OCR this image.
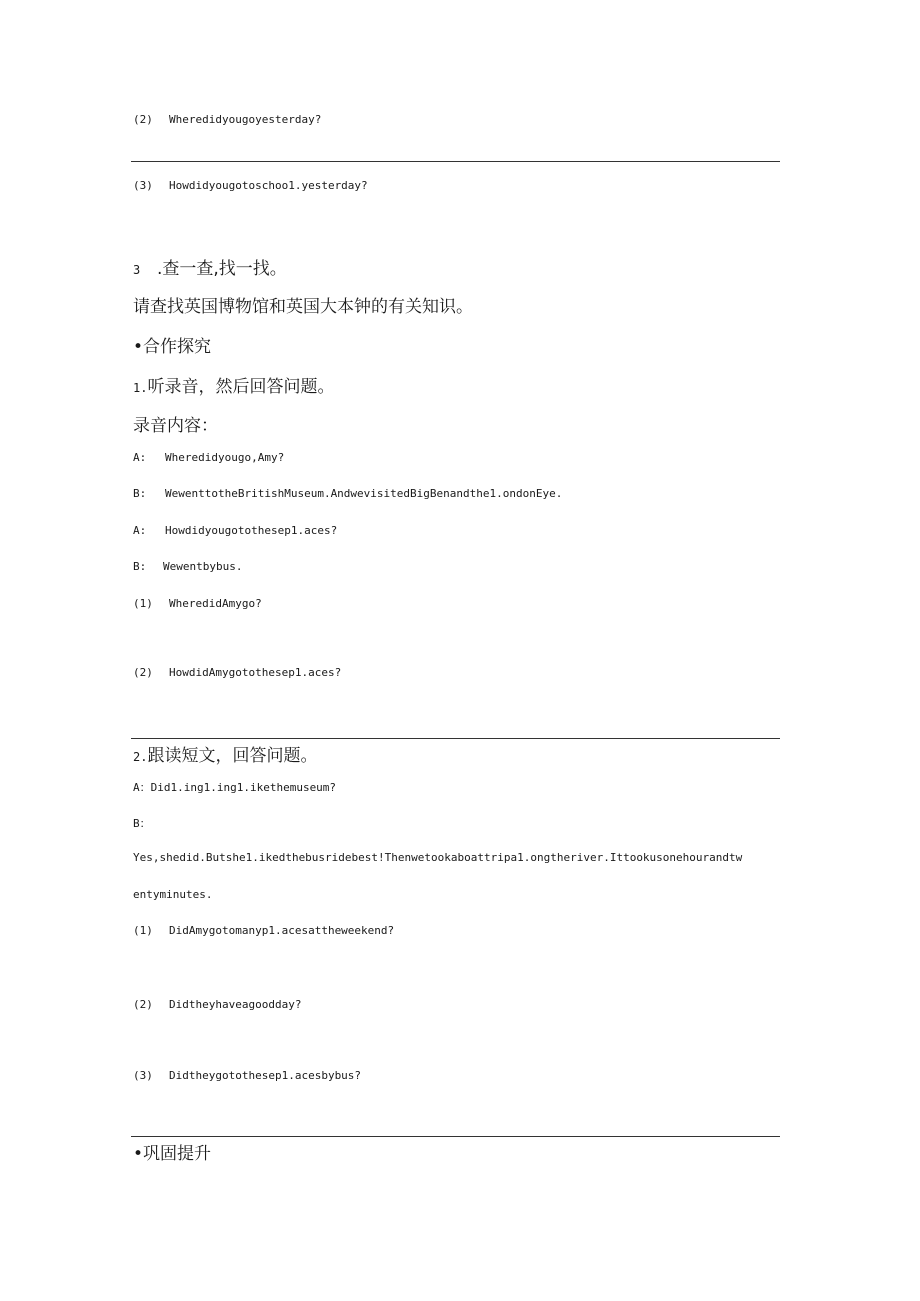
(2) Wheredidyougoyesterday?
(3) Howdidyougotoschoo1.yesterday?
3 .查一查,找一找。
请查找英国博物馆和英国大本钟的有关知识。
•合作探究
1.听录音，然后回答问题。
录音内容：
A: Wheredidyougo,Amy?
B: WewenttotheBritishMuseum.AndwevisitedBigBenandthe1.ondonEye.
A: Howdidyougotothesep1.aces?
B: Wewentbybus.
(1) WheredidAmygo?
(2) HowdidAmygotothesep1.aces?
2.跟读短文，回答问题。
A：Did1.ing1.ing1.ikethemuseum?
B：
Yes,shedid.Butshe1.ikedthebusridebest!Thenwetookaboattripa1.ongtheriver.Ittookusonehourandtw
entyminutes.
(1) DidAmygotomanyp1.acesattheweekend?
(2) Didtheyhaveagoodday?
(3) Didtheygotothesep1.acesbybus?
•巩固提升
